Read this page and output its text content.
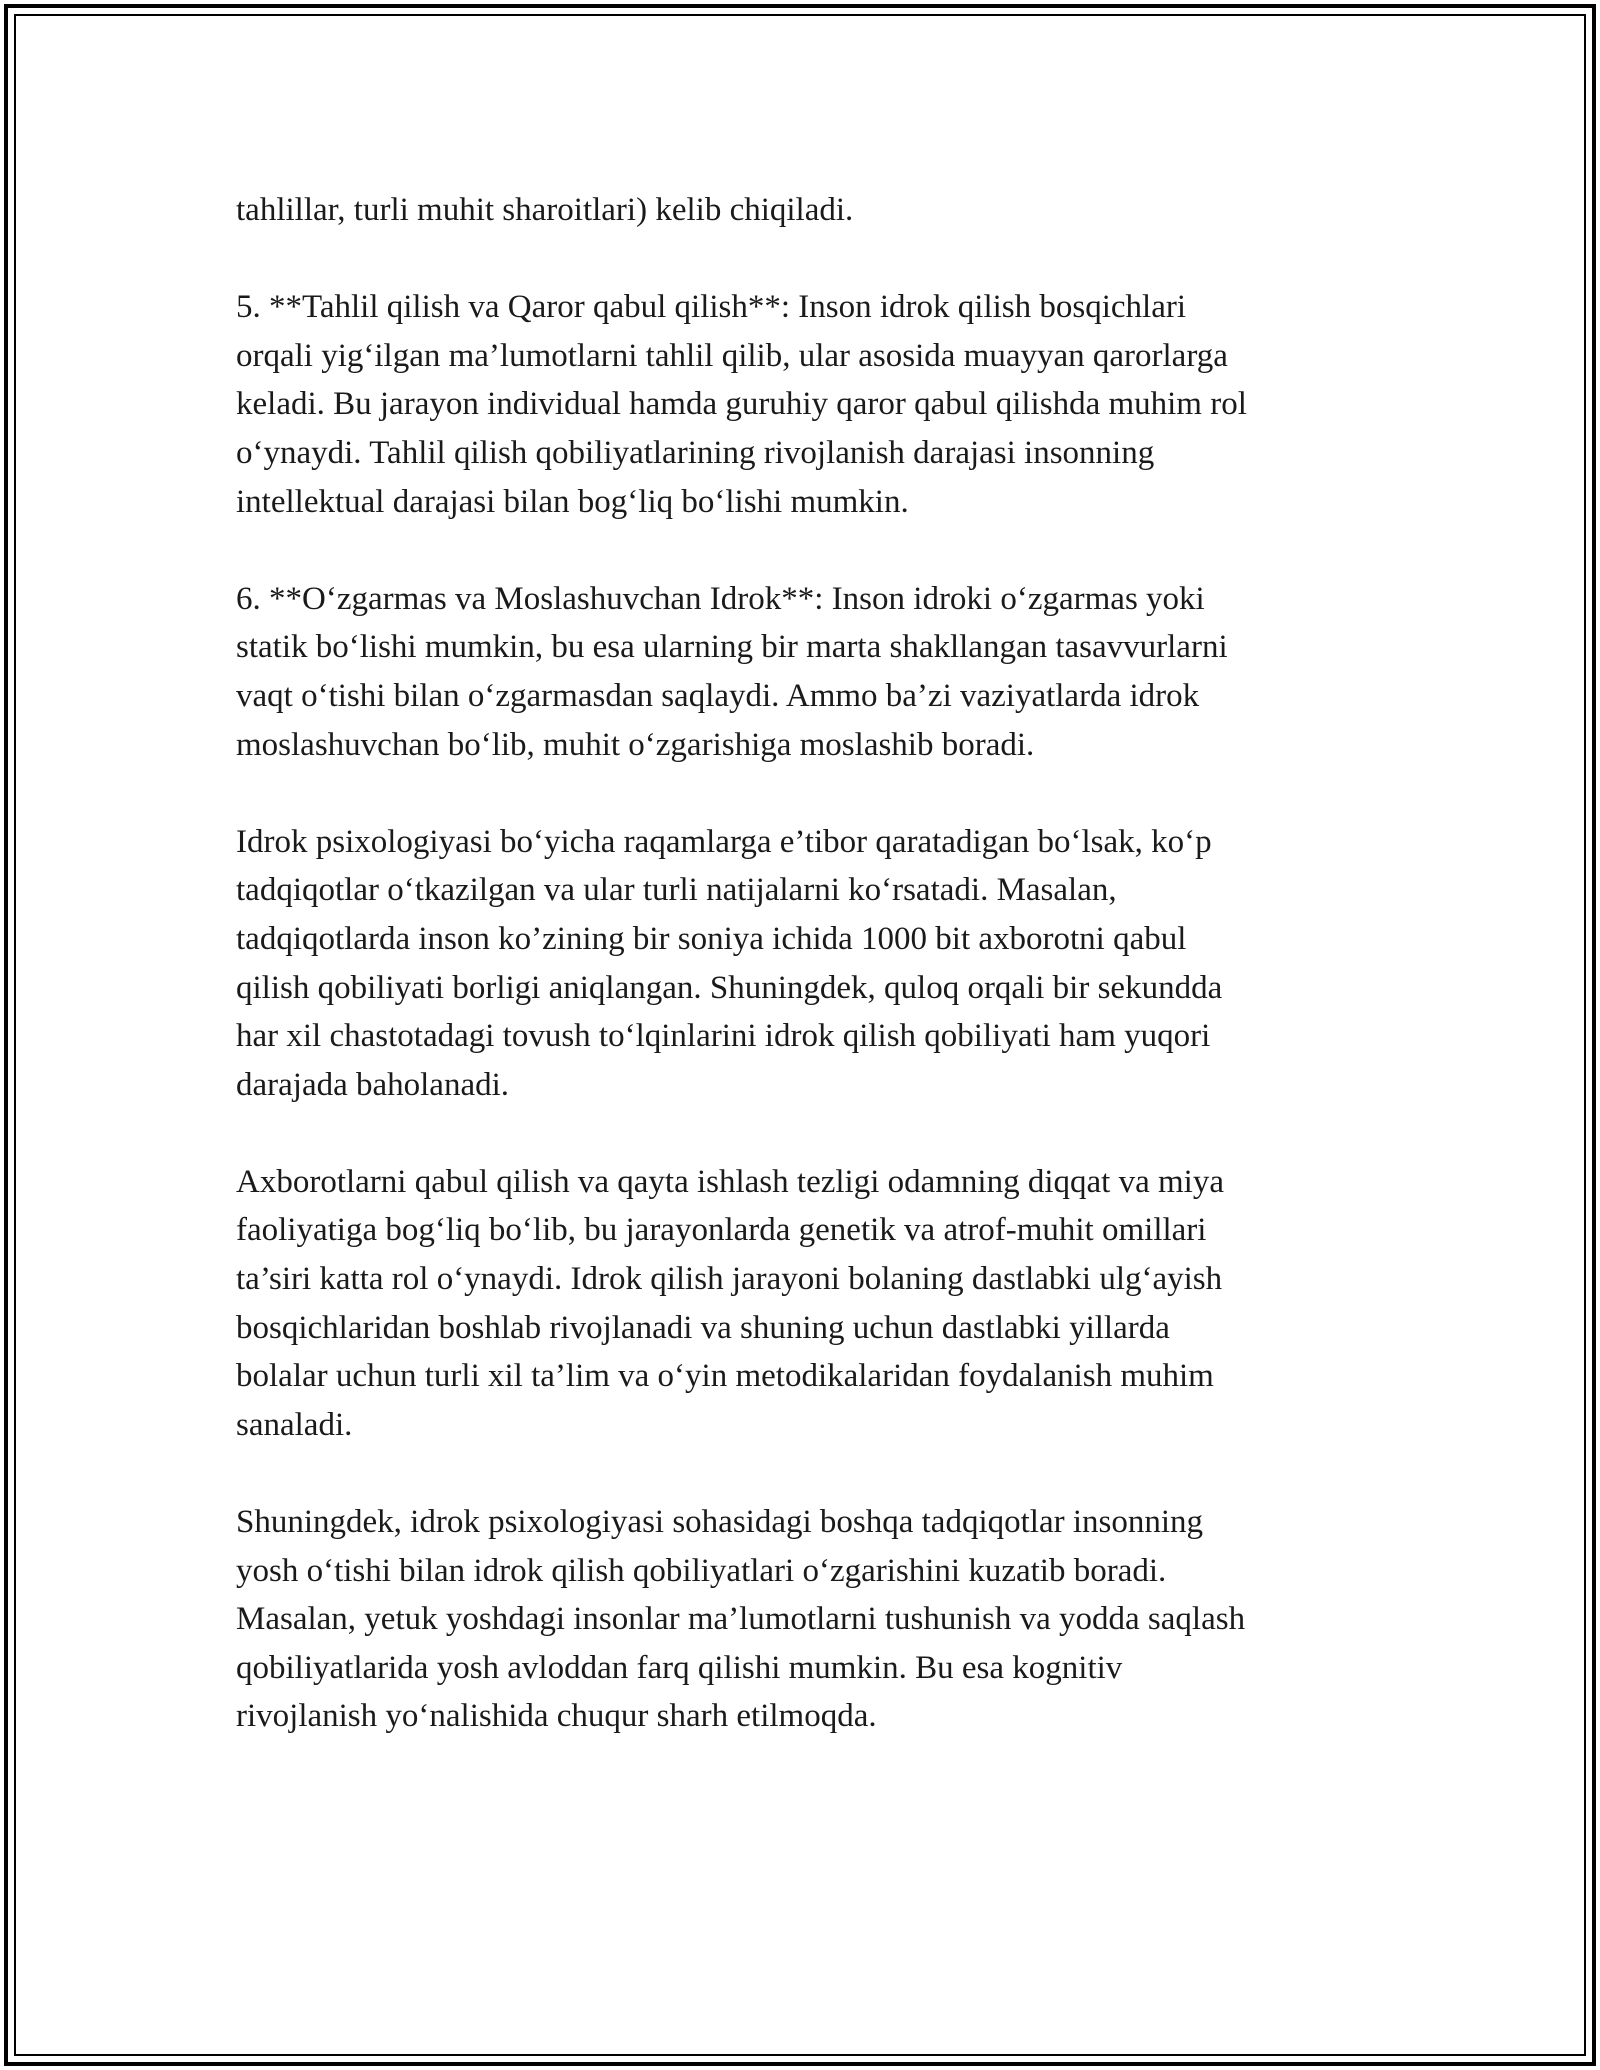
tahlillar, turli muhit sharoitlari) kelib chiqiladi.

5. **Tahlil qilish va Qaror qabul qilish**: Inson idrok qilish bosqichlari
orqali yig‘ilgan ma’lumotlarni tahlil qilib, ular asosida muayyan qarorlarga
keladi. Bu jarayon individual hamda guruhiy qaror qabul qilishda muhim rol
o‘ynaydi. Tahlil qilish qobiliyatlarining rivojlanish darajasi insonning
intellektual darajasi bilan bog‘liq bo‘lishi mumkin.

6. **O‘zgarmas va Moslashuvchan Idrok**: Inson idroki o‘zgarmas yoki
statik bo‘lishi mumkin, bu esa ularning bir marta shakllangan tasavvurlarni
vaqt o‘tishi bilan o‘zgarmasdan saqlaydi. Ammo ba’zi vaziyatlarda idrok
moslashuvchan bo‘lib, muhit o‘zgarishiga moslashib boradi.

Idrok psixologiyasi bo‘yicha raqamlarga e’tibor qaratadigan bo‘lsak, ko‘p
tadqiqotlar o‘tkazilgan va ular turli natijalarni ko‘rsatadi. Masalan,
tadqiqotlarda inson ko’zining bir soniya ichida 1000 bit axborotni qabul
qilish qobiliyati borligi aniqlangan. Shuningdek, quloq orqali bir sekundda
har xil chastotadagi tovush to‘lqinlarini idrok qilish qobiliyati ham yuqori
darajada baholanadi.

Axborotlarni qabul qilish va qayta ishlash tezligi odamning diqqat va miya
faoliyatiga bog‘liq bo‘lib, bu jarayonlarda genetik va atrof-muhit omillari
ta’siri katta rol o‘ynaydi. Idrok qilish jarayoni bolaning dastlabki ulg‘ayish
bosqichlaridan boshlab rivojlanadi va shuning uchun dastlabki yillarda
bolalar uchun turli xil ta’lim va o‘yin metodikalaridan foydalanish muhim
sanaladi.

Shuningdek, idrok psixologiyasi sohasidagi boshqa tadqiqotlar insonning
yosh o‘tishi bilan idrok qilish qobiliyatlari o‘zgarishini kuzatib boradi.
Masalan, yetuk yoshdagi insonlar ma’lumotlarni tushunish va yodda saqlash
qobiliyatlarida yosh avloddan farq qilishi mumkin. Bu esa kognitiv
rivojlanish yo‘nalishida chuqur sharh etilmoqda.
